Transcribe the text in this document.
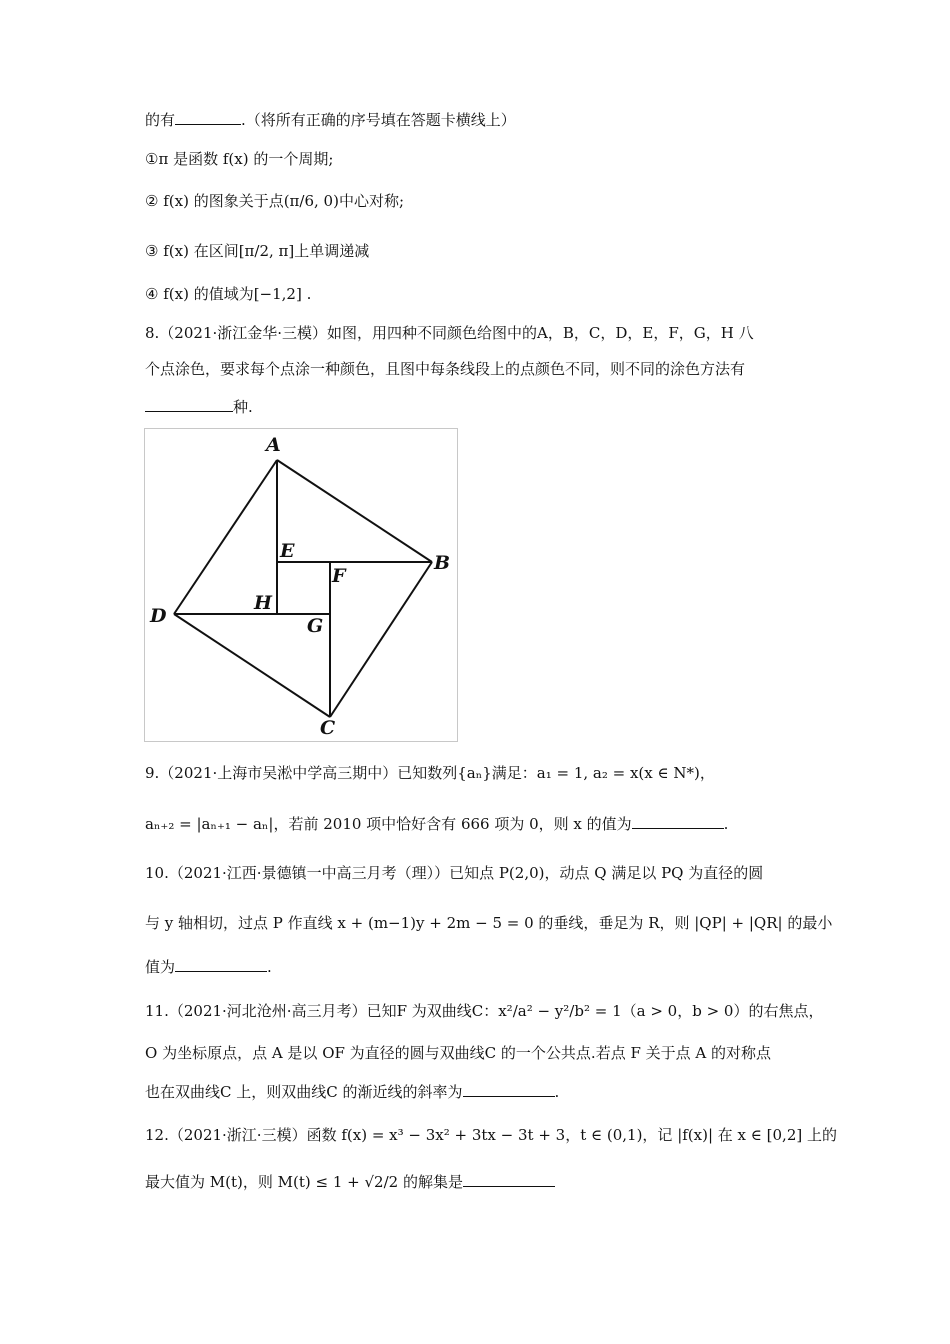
的有	.（将所有正确的序号填在答题卡横线上）
①π 是函数 f(x) 的一个周期;
② f(x) 的图象关于点(π/6, 0)中心对称;
③ f(x) 在区间[π/2, π]上单调递减
④ f(x) 的值域为[−1,2] .
8.（2021·浙江金华·三模）如图，用四种不同颜色给图中的A，B，C，D，E，F，G，H 八
个点涂色，要求每个点涂一种颜色，且图中每条线段上的点颜色不同，则不同的涂色方法有
种.
A
B
C
D
E
F
G
H
9.（2021·上海市吴淞中学高三期中）已知数列{aₙ}满足：a₁ = 1, a₂ = x(x ∈ N*)，
aₙ₊₂ = |aₙ₊₁ − aₙ|，若前 2010 项中恰好含有 666 项为 0，则 x 的值为	.
10.（2021·江西·景德镇一中高三月考（理））已知点 P(2,0)，动点 Q 满足以 PQ 为直径的圆
与 y 轴相切，过点 P 作直线 x + (m−1)y + 2m − 5 = 0 的垂线，垂足为 R，则 |QP| + |QR| 的最小
值为	.
11.（2021·河北沧州·高三月考）已知F 为双曲线C：x²/a² − y²/b² = 1（a > 0，b > 0）的右焦点，
O 为坐标原点，点 A 是以 OF 为直径的圆与双曲线C 的一个公共点.若点 F 关于点 A 的对称点
也在双曲线C 上，则双曲线C 的渐近线的斜率为	.
12.（2021·浙江·三模）函数 f(x) = x³ − 3x² + 3tx − 3t + 3，t ∈ (0,1)，记 |f(x)| 在 x ∈ [0,2] 上的
最大值为 M(t)，则 M(t) ≤ 1 + √2/2 的解集是
